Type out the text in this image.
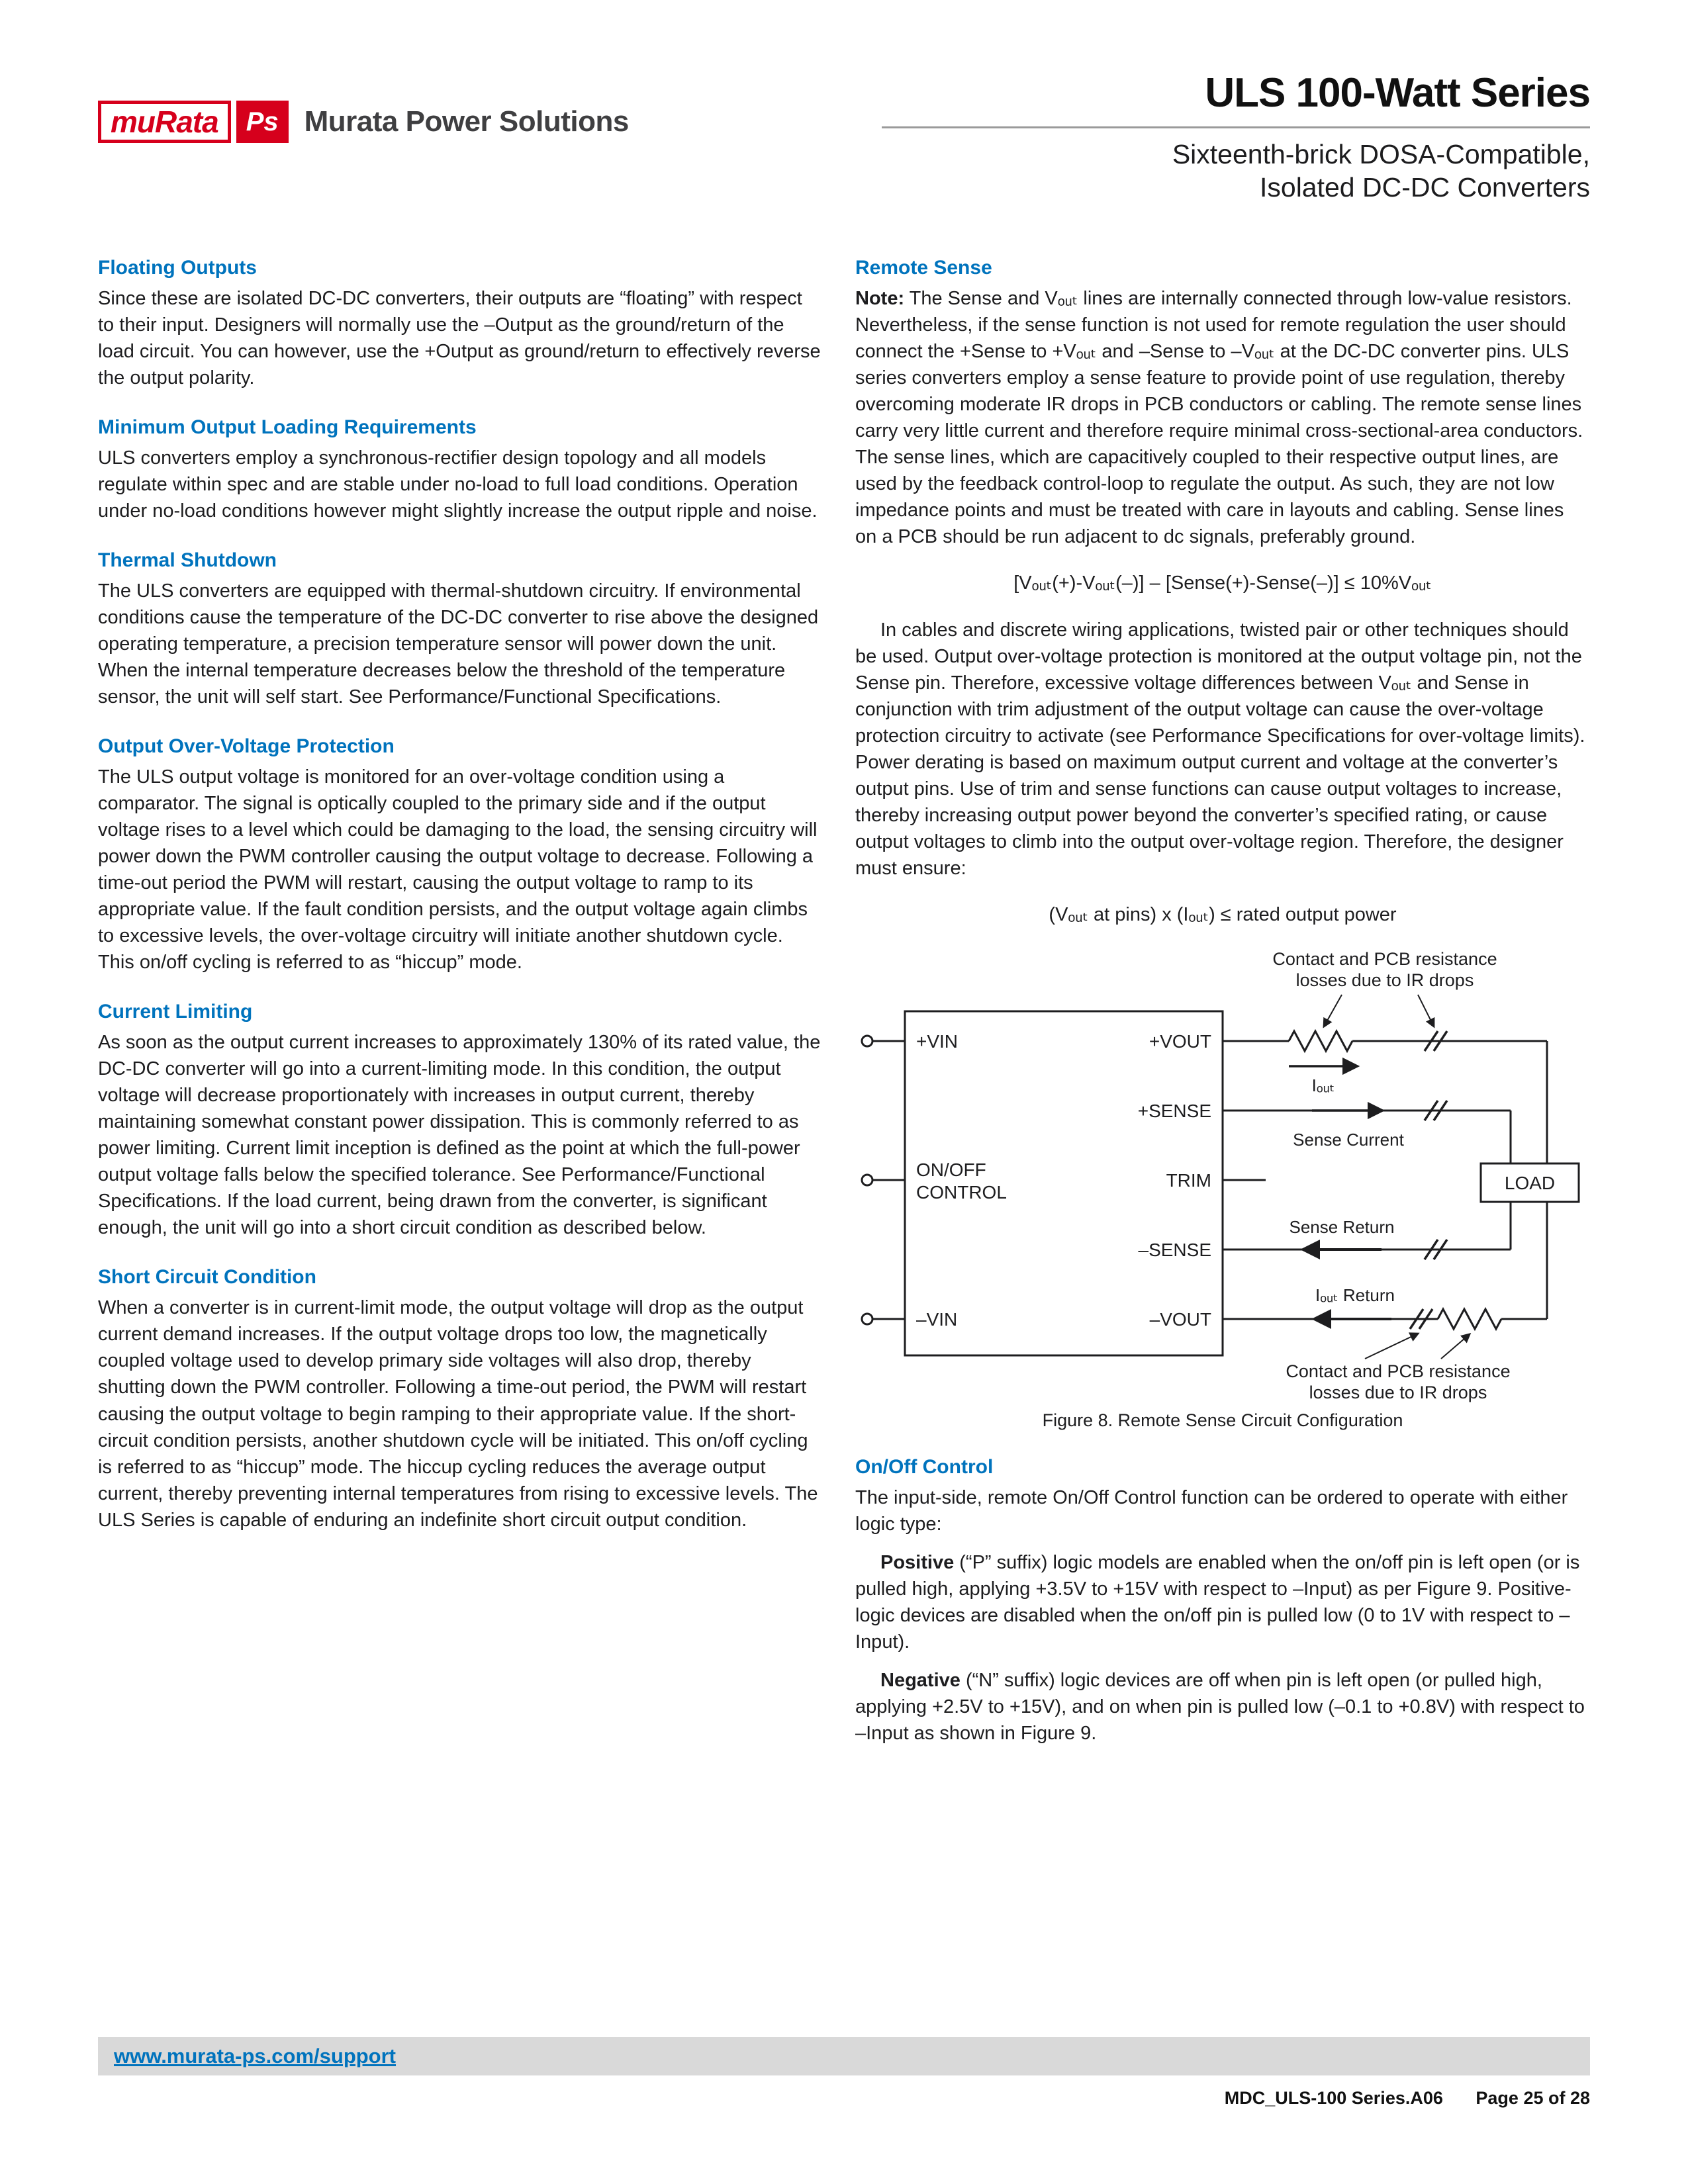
muRata	Ps Murata Power Solutions
ULS 100-Watt Series
Sixteenth-brick DOSA-Compatible,
Isolated DC-DC Converters
Floating Outputs

Since these are isolated DC-DC converters, their outputs are “floating” with respect to their input. Designers will normally use the –Output as the ground/return of the load circuit. You can however, use the +Output as ground/return to effectively reverse the output polarity.

Minimum Output Loading Requirements

ULS converters employ a synchronous-rectifier design topology and all models regulate within spec and are stable under no-load to full load conditions. Operation under no-load conditions however might slightly increase the output ripple and noise.

Thermal Shutdown

The ULS converters are equipped with thermal-shutdown circuitry. If environmental conditions cause the temperature of the DC-DC converter to rise above the designed operating temperature, a precision temperature sensor will power down the unit. When the internal temperature decreases below the threshold of the temperature sensor, the unit will self start. See Performance/Functional Specifications.

Output Over-Voltage Protection

The ULS output voltage is monitored for an over-voltage condition using a comparator. The signal is optically coupled to the primary side and if the output voltage rises to a level which could be damaging to the load, the sensing circuitry will power down the PWM controller causing the output voltage to decrease. Following a time-out period the PWM will restart, causing the output voltage to ramp to its appropriate value. If the fault condition persists, and the output voltage again climbs to excessive levels, the over-voltage circuitry will initiate another shutdown cycle. This on/off cycling is referred to as “hiccup” mode.

Current Limiting

As soon as the output current increases to approximately 130% of its rated value, the DC-DC converter will go into a current-limiting mode. In this condition, the output voltage will decrease proportionately with increases in output current, thereby maintaining somewhat constant power dissipation. This is commonly referred to as power limiting. Current limit inception is defined as the point at which the full-power output voltage falls below the specified tolerance. See Performance/Functional Specifications. If the load current, being drawn from the converter, is significant enough, the unit will go into a short circuit condition as described below.

Short Circuit Condition

When a converter is in current-limit mode, the output voltage will drop as the output current demand increases. If the output voltage drops too low, the magnetically coupled voltage used to develop primary side voltages will also drop, thereby shutting down the PWM controller. Following a time-out period, the PWM will restart causing the output voltage to begin ramping to their appropriate value. If the short-circuit condition persists, another shutdown cycle will be initiated. This on/off cycling is referred to as “hiccup” mode. The hiccup cycling reduces the average output current, thereby preventing internal temperatures from rising to excessive levels. The ULS Series is capable of enduring an indefinite short circuit output condition.

Remote Sense

Note: The Sense and Vₒᵤₜ lines are internally connected through low-value resistors. Nevertheless, if the sense function is not used for remote regulation the user should connect the +Sense to +Vₒᵤₜ and –Sense to –Vₒᵤₜ at the DC-DC converter pins. ULS series converters employ a sense feature to provide point of use regulation, thereby overcoming moderate IR drops in PCB conductors or cabling. The remote sense lines carry very little current and therefore require minimal cross-sectional-area conductors. The sense lines, which are capacitively coupled to their respective output lines, are used by the feedback control-loop to regulate the output. As such, they are not low impedance points and must be treated with care in layouts and cabling. Sense lines on a PCB should be run adjacent to dc signals, preferably ground.

[Vₒᵤₜ(+)-Vₒᵤₜ(–)] – [Sense(+)-Sense(–)] ≤ 10%Vₒᵤₜ

In cables and discrete wiring applications, twisted pair or other techniques should be used. Output over-voltage protection is monitored at the output voltage pin, not the Sense pin. Therefore, excessive voltage differences between Vₒᵤₜ and Sense in conjunction with trim adjustment of the output voltage can cause the over-voltage protection circuitry to activate (see Performance Specifications for over-voltage limits). Power derating is based on maximum output current and voltage at the converter’s output pins. Use of trim and sense functions can cause output voltages to increase, thereby increasing output power beyond the converter’s specified rating, or cause output voltages to climb into the output over-voltage region. Therefore, the designer must ensure:

(Vₒᵤₜ at pins) x (Iₒᵤₜ) ≤ rated output power
Contact and PCB resistance
losses due to IR drops
+VIN
ON/OFF
CONTROL
–VIN
+VOUT
+SENSE
TRIM
–SENSE
–VOUT
Iₒᵤₜ
Sense Current
Sense Return
Iₒᵤₜ Return
LOAD
Contact and PCB resistance
losses due to IR drops
Figure 8. Remote Sense Circuit Configuration
On/Off Control

The input-side, remote On/Off Control function can be ordered to operate with either logic type:

Positive (“P” suffix) logic models are enabled when the on/off pin is left open (or is pulled high, applying +3.5V to +15V with respect to –Input) as per Figure 9. Positive-logic devices are disabled when the on/off pin is pulled low (0 to 1V with respect to –Input).

Negative (“N” suffix) logic devices are off when pin is left open (or pulled high, applying +2.5V to +15V), and on when pin is pulled low (–0.1 to +0.8V) with respect to –Input as shown in Figure 9.

www.murata-ps.com/support
MDC_ULS-100 Series.A06 Page 25 of 28
